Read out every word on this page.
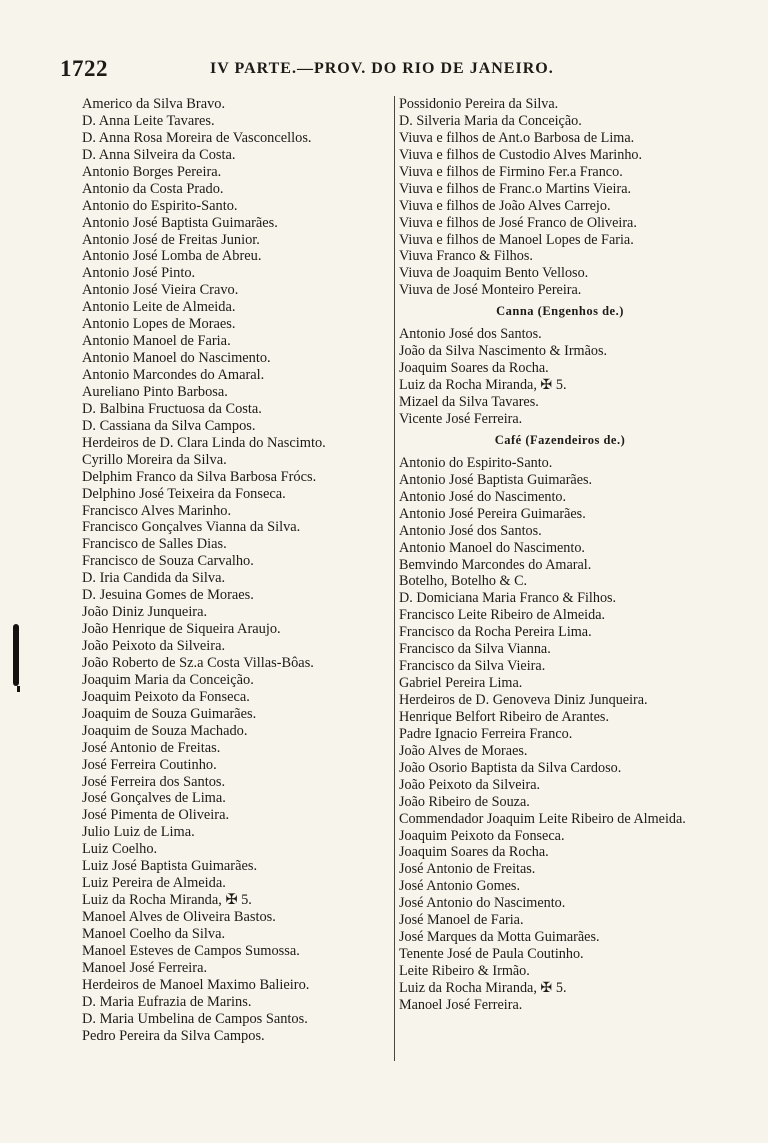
1722	IV PARTE.—PROV. DO RIO DE JANEIRO.
Americo da Silva Bravo.
D. Anna Leite Tavares.
D. Anna Rosa Moreira de Vasconcellos.
D. Anna Silveira da Costa.
Antonio Borges Pereira.
Antonio da Costa Prado.
Antonio do Espirito-Santo.
Antonio José Baptista Guimarães.
Antonio José de Freitas Junior.
Antonio José Lomba de Abreu.
Antonio José Pinto.
Antonio José Vieira Cravo.
Antonio Leite de Almeida.
Antonio Lopes de Moraes.
Antonio Manoel de Faria.
Antonio Manoel do Nascimento.
Antonio Marcondes do Amaral.
Aureliano Pinto Barbosa.
D. Balbina Fructuosa da Costa.
D. Cassiana da Silva Campos.
Herdeiros de D. Clara Linda do Nascimto.
Cyrillo Moreira da Silva.
Delphim Franco da Silva Barbosa Frócs.
Delphino José Teixeira da Fonseca.
Francisco Alves Marinho.
Francisco Gonçalves Vianna da Silva.
Francisco de Salles Dias.
Francisco de Souza Carvalho.
D. Iria Candida da Silva.
D. Jesuina Gomes de Moraes.
João Diniz Junqueira.
João Henrique de Siqueira Araujo.
João Peixoto da Silveira.
João Roberto de Sz.a Costa Villas-Bôas.
Joaquim Maria da Conceição.
Joaquim Peixoto da Fonseca.
Joaquim de Souza Guimarães.
Joaquim de Souza Machado.
José Antonio de Freitas.
José Ferreira Coutinho.
José Ferreira dos Santos.
José Gonçalves de Lima.
José Pimenta de Oliveira.
Julio Luiz de Lima.
Luiz Coelho.
Luiz José Baptista Guimarães.
Luiz Pereira de Almeida.
Luiz da Rocha Miranda, ✠ 5.
Manoel Alves de Oliveira Bastos.
Manoel Coelho da Silva.
Manoel Esteves de Campos Sumossa.
Manoel José Ferreira.
Herdeiros de Manoel Maximo Balieiro.
D. Maria Eufrazia de Marins.
D. Maria Umbelina de Campos Santos.
Pedro Pereira da Silva Campos.
Possidonio Pereira da Silva.
D. Silveria Maria da Conceição.
Viuva e filhos de Ant.o Barbosa de Lima.
Viuva e filhos de Custodio Alves Marinho.
Viuva e filhos de Firmino Fer.a Franco.
Viuva e filhos de Franc.o Martins Vieira.
Viuva e filhos de João Alves Carrejo.
Viuva e filhos de José Franco de Oliveira.
Viuva e filhos de Manoel Lopes de Faria.
Viuva Franco & Filhos.
Viuva de Joaquim Bento Velloso.
Viuva de José Monteiro Pereira.
Canna (Engenhos de.)
Antonio José dos Santos.
João da Silva Nascimento & Irmãos.
Joaquim Soares da Rocha.
Luiz da Rocha Miranda, ✠ 5.
Mizael da Silva Tavares.
Vicente José Ferreira.
Café (Fazendeiros de.)
Antonio do Espirito-Santo.
Antonio José Baptista Guimarães.
Antonio José do Nascimento.
Antonio José Pereira Guimarães.
Antonio José dos Santos.
Antonio Manoel do Nascimento.
Bemvindo Marcondes do Amaral.
Botelho, Botelho & C.
D. Domiciana Maria Franco & Filhos.
Francisco Leite Ribeiro de Almeida.
Francisco da Rocha Pereira Lima.
Francisco da Silva Vianna.
Francisco da Silva Vieira.
Gabriel Pereira Lima.
Herdeiros de D. Genoveva Diniz Junqueira.
Henrique Belfort Ribeiro de Arantes.
Padre Ignacio Ferreira Franco.
João Alves de Moraes.
João Osorio Baptista da Silva Cardoso.
João Peixoto da Silveira.
João Ribeiro de Souza.
Commendador Joaquim Leite Ribeiro de Almeida.
Joaquim Peixoto da Fonseca.
Joaquim Soares da Rocha.
José Antonio de Freitas.
José Antonio Gomes.
José Antonio do Nascimento.
José Manoel de Faria.
José Marques da Motta Guimarães.
Tenente José de Paula Coutinho.
Leite Ribeiro & Irmão.
Luiz da Rocha Miranda, ✠ 5.
Manoel José Ferreira.
